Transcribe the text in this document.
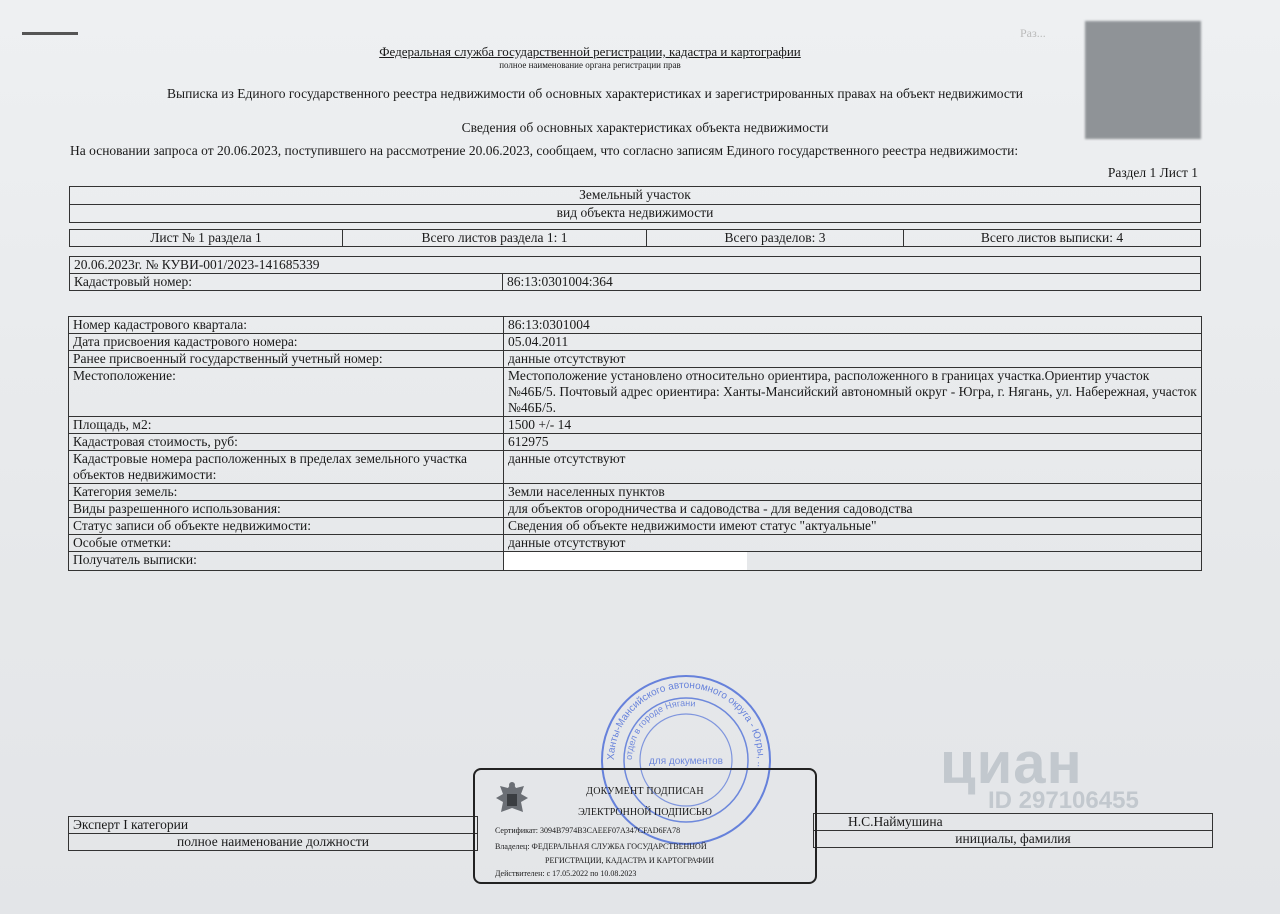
Раз...
Федеральная служба государственной регистрации, кадастра и картографии
полное наименование органа регистрации прав
Выписка из Единого государственного реестра недвижимости об основных характеристиках и зарегистрированных правах на объект недвижимости
Сведения об основных характеристиках объекта недвижимости
На основании запроса от 20.06.2023, поступившего на рассмотрение 20.06.2023, сообщаем, что согласно записям Единого государственного реестра недвижимости:
Раздел 1 Лист 1
Земельный участок
вид объекта недвижимости
Лист № 1 раздела 1	Всего листов раздела 1: 1	Всего разделов: 3	Всего листов выписки: 4
20.06.2023г. № КУВИ-001/2023-141685339
Кадастровый номер:	86:13:0301004:364
Номер кадастрового квартала:	86:13:0301004
Дата присвоения кадастрового номера:	05.04.2011
Ранее присвоенный государственный учетный номер:	данные отсутствуют
Местоположение:	Местоположение установлено относительно ориентира, расположенного в границах участка.Ориентир участок №46Б/5. Почтовый адрес ориентира: Ханты-Мансийский автономный округ - Югра, г. Нягань, ул. Набережная, участок №46Б/5.
Площадь, м2:	1500 +/- 14
Кадастровая стоимость, руб:	612975
Кадастровые номера расположенных в пределах земельного участка объектов недвижимости:	данные отсутствуют
Категория земель:	Земли населенных пунктов
Виды разрешенного использования:	для объектов огородничества и садоводства - для ведения садоводства
Статус записи об объекте недвижимости:	Сведения об объекте недвижимости имеют статус "актуальные"
Особые отметки:	данные отсутствуют
Получатель выписки:	
Ханты-Мансийского автономного округа - Югры, ...
отдел в городе Нягани
для документов	циан
ID 297106455
Эксперт I категории
полное наименование должности
Н.С.Наймушина
инициалы, фамилия
ДОКУМЕНТ ПОДПИСАН
ЭЛЕКТРОННОЙ ПОДПИСЬЮ
Сертификат: 3094B7974B3CAEEF07A347CFAD6FA78
Владелец: ФЕДЕРАЛЬНАЯ СЛУЖБА ГОСУДАРСТВЕННОЙ
РЕГИСТРАЦИИ, КАДАСТРА И КАРТОГРАФИИ
Действителен: с 17.05.2022 по 10.08.2023
